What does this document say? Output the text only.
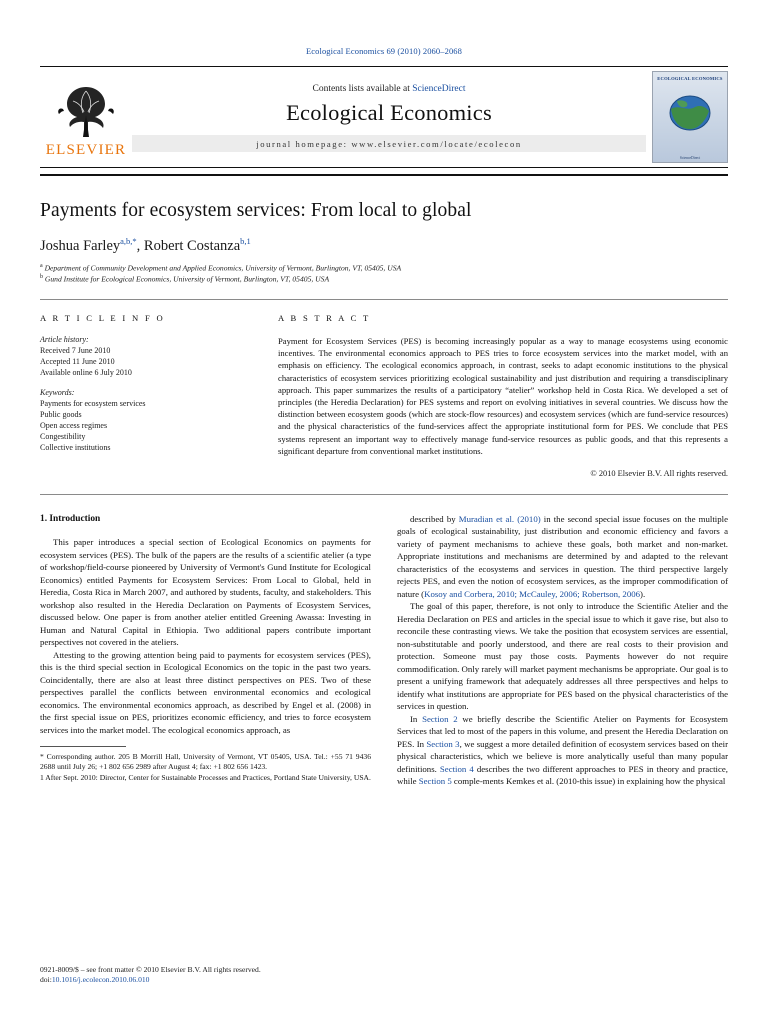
Ecological Economics 69 (2010) 2060–2068
ELSEVIER
Contents lists available at ScienceDirect
Ecological Economics
journal homepage: www.elsevier.com/locate/ecolecon
ECOLOGICAL ECONOMICS
ScienceDirect
Payments for ecosystem services: From local to global
Joshua Farley$^{a,b,*}$, Robert Costanza$^{b,1}$
$^a$ Department of Community Development and Applied Economics, University of Vermont, Burlington, VT, 05405, USA
$^b$ Gund Institute for Ecological Economics, University of Vermont, Burlington, VT, 05405, USA
A R T I C L E I N F O
Article history:
Received 7 June 2010
Accepted 11 June 2010
Available online 6 July 2010
Keywords:
Payments for ecosystem services
Public goods
Open access regimes
Congestibility
Collective institutions
A B S T R A C T
Payment for Ecosystem Services (PES) is becoming increasingly popular as a way to manage ecosystems using economic incentives. The environmental economics approach to PES tries to force ecosystem services into the market model, with an emphasis on efficiency. The ecological economics approach, in contrast, seeks to adapt economic institutions to the physical characteristics of ecosystem services prioritizing ecological sustainability and just distribution and requiring a transdisciplinary approach. This paper summarizes the results of a participatory “atelier” workshop held in Costa Rica. We developed a set of principles (the Heredia Declaration) for PES systems and report on evolving initiatives in several countries. We discuss how the distinction between ecosystem goods (which are stock-flow resources) and ecosystem services (which are fund-service resources) and the physical characteristics of the fund-services affect the appropriate institutional form for PES. We conclude that PES systems represent an important way to effectively manage fund-service resources as public goods, and that this represents a significant departure from conventional market institutions.
© 2010 Elsevier B.V. All rights reserved.
1. Introduction

This paper introduces a special section of Ecological Economics on payments for ecosystem services (PES). The bulk of the papers are the results of a scientific atelier (a type of workshop/field-course pioneered by University of Vermont's Gund Institute for Ecological Economics) entitled Payments for Ecosystem Services: From Local to Global, held in Heredia, Costa Rica in March 2007, and authored by students, faculty, and stakeholders. This workshop also resulted in the Heredia Declaration on Payments of Ecosystem Services, discussed below. One paper is from another atelier entitled Greening Awassa: Investing in Human and Natural Capital in Ethiopia. Two additional papers contribute important perspectives not covered in the ateliers.

Attesting to the growing attention being paid to payments for ecosystem services (PES), this is the third special section in Ecological Economics on the topic in the past two years. Coincidentally, there are also at least three distinct perspectives on PES. Two of these perspectives parallel the conflicts between environmental economics and ecological economics. The environmental economics approach, as described by Engel et al. (2008) in the first special issue on PES, prioritizes economic efficiency, and tries to force ecosystem services into the market model. The ecological economics approach, as

* Corresponding author. 205 B Morrill Hall, University of Vermont, VT 05405, USA. Tel.: +55 71 9436 2688 until July 26; +1 802 656 2989 after August 4; fax: +1 802 656 1423.
1 After Sept. 2010: Director, Center for Sustainable Processes and Practices, Portland State University, USA.

described by Muradian et al. (2010) in the second special issue focuses on the multiple goals of ecological sustainability, just distribution and economic efficiency and favors a variety of payment mechanisms to achieve these goals, both market and non-market. Appropriate institutions and mechanisms are determined by and adapted to the relevant characteristics of the ecosystems and services in question. The third perspective largely rejects PES, and even the notion of ecosystem services, as the improper commodification of nature (Kosoy and Corbera, 2010; McCauley, 2006; Robertson, 2006).

The goal of this paper, therefore, is not only to introduce the Scientific Atelier and the Heredia Declaration on PES and articles in the special issue to which it gave rise, but also to reconcile these contrasting views. We take the position that ecosystem services are essential, non-substitutable and poorly understood, and there are real costs to their provision and protection. Someone must pay those costs. Payments however do not require commodification. Only rarely will market payment mechanisms be appropriate. Our goal is to present a unifying framework that adequately addresses all three perspectives and helps to identify what institutions are appropriate for PES based on the physical characteristics of the services in question.

In Section 2 we briefly describe the Scientific Atelier on Payments for Ecosystem Services that led to most of the papers in this volume, and present the Heredia Declaration on PES. In Section 3, we suggest a more detailed definition of ecosystem services based on their physical characteristics, which we believe is more analytically useful than many popular definitions. Section 4 describes the two different approaches to PES in theory and practice, while Section 5 comple-ments Kemkes et al. (2010-this issue) in explaining how the physical

0921-8009/$ – see front matter © 2010 Elsevier B.V. All rights reserved.
doi:10.1016/j.ecolecon.2010.06.010
